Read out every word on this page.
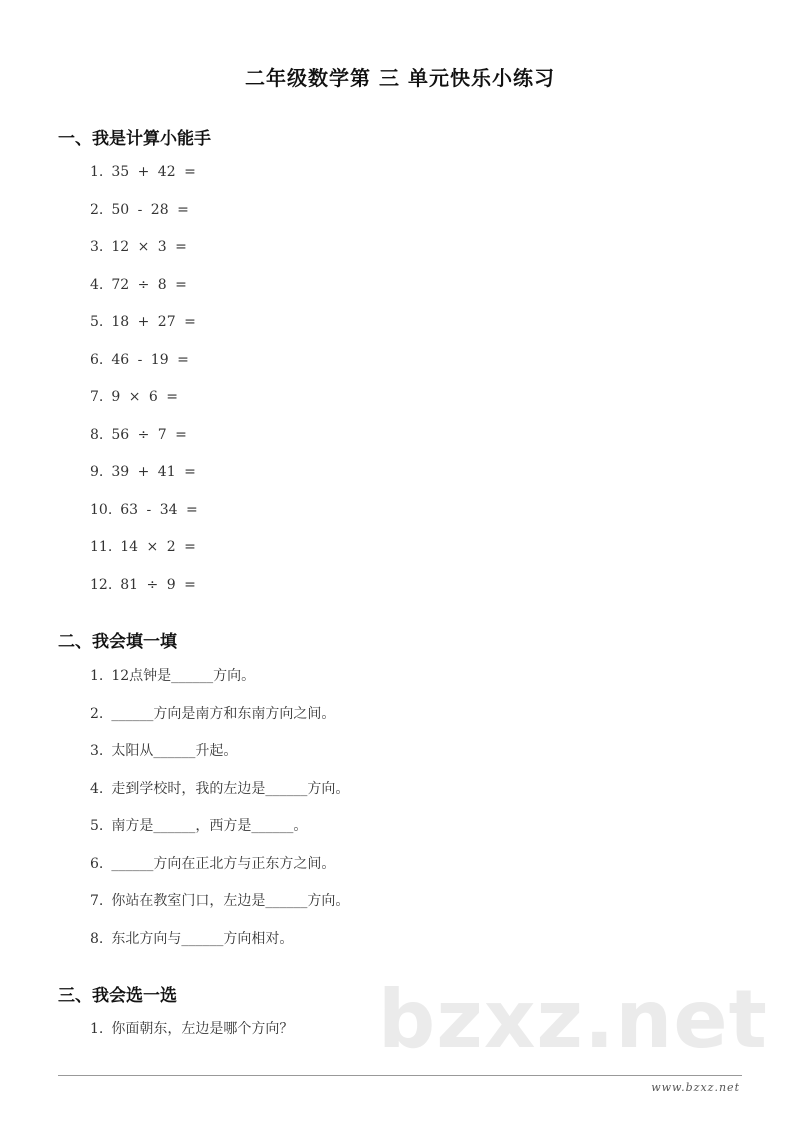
二年级数学第 三 单元快乐小练习
一、我是计算小能手
1. 35 + 42 =
2. 50 - 28 =
3. 12 × 3 =
4. 72 ÷ 8 =
5. 18 + 27 =
6. 46 - 19 =
7. 9 × 6 =
8. 56 ÷ 7 =
9. 39 + 41 =
10. 63 - 34 =
11. 14 × 2 =
12. 81 ÷ 9 =
二、我会填一填
1. 12点钟是______方向。
2. ______方向是南方和东南方向之间。
3. 太阳从______升起。
4. 走到学校时，我的左边是______方向。
5. 南方是______，西方是______。
6. ______方向在正北方与正东方之间。
7. 你站在教室门口，左边是______方向。
8. 东北方向与______方向相对。
三、我会选一选
1. 你面朝东，左边是哪个方向？ bzxz.net
www.bzxz.net
